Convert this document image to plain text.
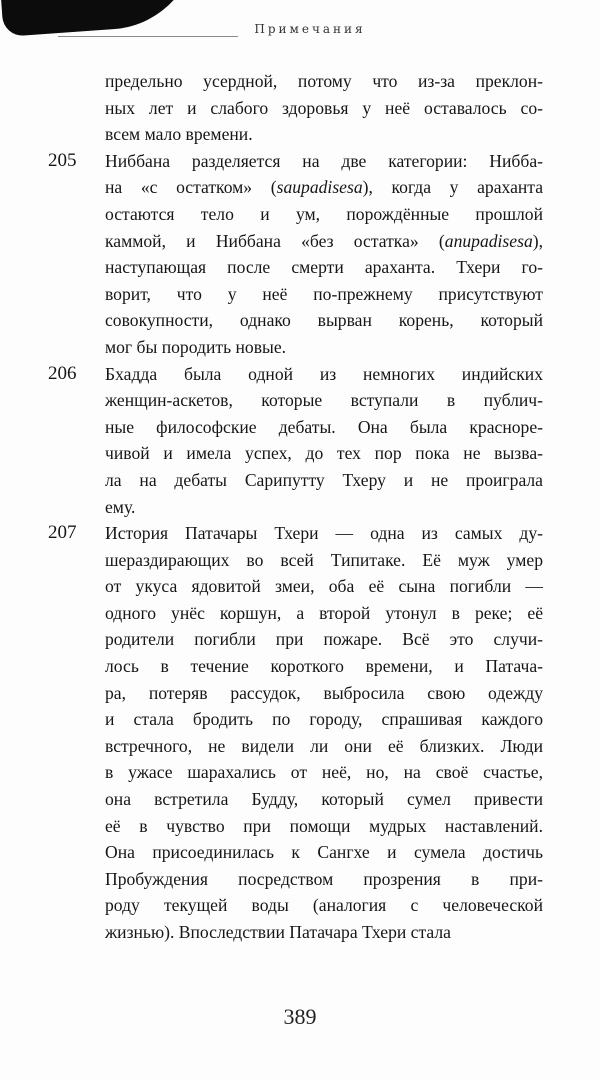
Примечания
предельно усердной, потому что из-за преклон-
ных лет и слабого здоровья у неё оставалось со-
всем мало времени.
205 Ниббана разделяется на две категории: Нибба-
на «с остатком» (saupadisesa), когда у араханта
остаются тело и ум, порождённые прошлой
каммой, и Ниббана «без остатка» (anupadisesa),
наступающая после смерти араханта. Тхери го-
ворит, что у неё по-прежнему присутствуют
совокупности, однако вырван корень, который
мог бы породить новые.
206 Бхадда была одной из немногих индийских
женщин-аскетов, которые вступали в публич-
ные философские дебаты. Она была красноре-
чивой и имела успех, до тех пор пока не вызва-
ла на дебаты Сарипутту Тхеру и не проиграла
ему.
207 История Патачары Тхери — одна из самых ду-
шераздирающих во всей Типитаке. Её муж умер
от укуса ядовитой змеи, оба её сына погибли —
одного унёс коршун, а второй утонул в реке; её
родители погибли при пожаре. Всё это случи-
лось в течение короткого времени, и Патача-
ра, потеряв рассудок, выбросила свою одежду
и стала бродить по городу, спрашивая каждого
встречного, не видели ли они её близких. Люди
в ужасе шарахались от неё, но, на своё счастье,
она встретила Будду, который сумел привести
её в чувство при помощи мудрых наставлений.
Она присоединилась к Сангхе и сумела достичь
Пробуждения посредством прозрения в при-
роду текущей воды (аналогия с человеческой
жизнью). Впоследствии Патачара Тхери стала
389
